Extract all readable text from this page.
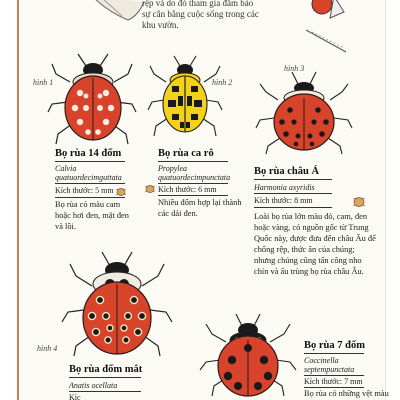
rệp và do đó tham gia đắm bảo sự cân bằng cuộc sống trong các khu vườn.
hình 1
Bọ rùa 14 đốm
Calvia
quatuordecimguttata
Kích thước: 5 mm
Bọ rùa có màu cam hoặc hơi đen, mặt đen và lồi.
hình 2
Bọ rùa ca rô
Propylea
quatuordecimpunctata
Kích thước: 6 mm
Nhiều đốm hợp lại thành các dải đen.
hình 3
Bọ rùa châu Á
Harmonia axyridis
Kích thước: 8 mm
Loài bọ rùa lớn màu đỏ, cam, đen hoặc vàng, có nguồn gốc từ Trung Quốc này, được đưa đến châu Âu để chống rệp, thức ăn của chúng; nhưng chúng cũng tấn công nho chín và ấu trùng bọ rùa châu Âu.
hình 4
Bọ rùa đốm mắt
Anatis ocellata
Kíc
Bọ rùa 7 đốm
Coccinella
septempunctata
Kích thước: 7 mm
Bọ rùa có những vệt màu
